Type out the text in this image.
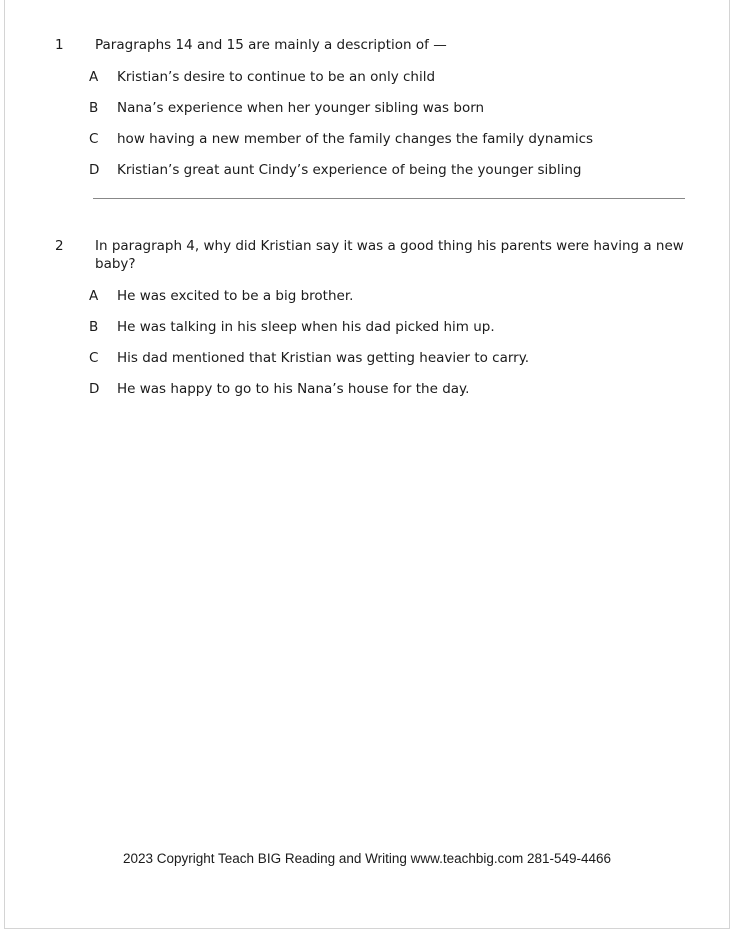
1	Paragraphs 14 and 15 are mainly a description of —
A	Kristian’s desire to continue to be an only child
B	Nana’s experience when her younger sibling was born
C	how having a new member of the family changes the family dynamics
D	Kristian’s great aunt Cindy’s experience of being the younger sibling
2	In paragraph 4, why did Kristian say it was a good thing his parents were having a new baby?
A	He was excited to be a big brother.
B	He was talking in his sleep when his dad picked him up.
C	His dad mentioned that Kristian was getting heavier to carry.
D	He was happy to go to his Nana’s house for the day.
2023 Copyright Teach BIG Reading and Writing www.teachbig.com 281-549-4466
